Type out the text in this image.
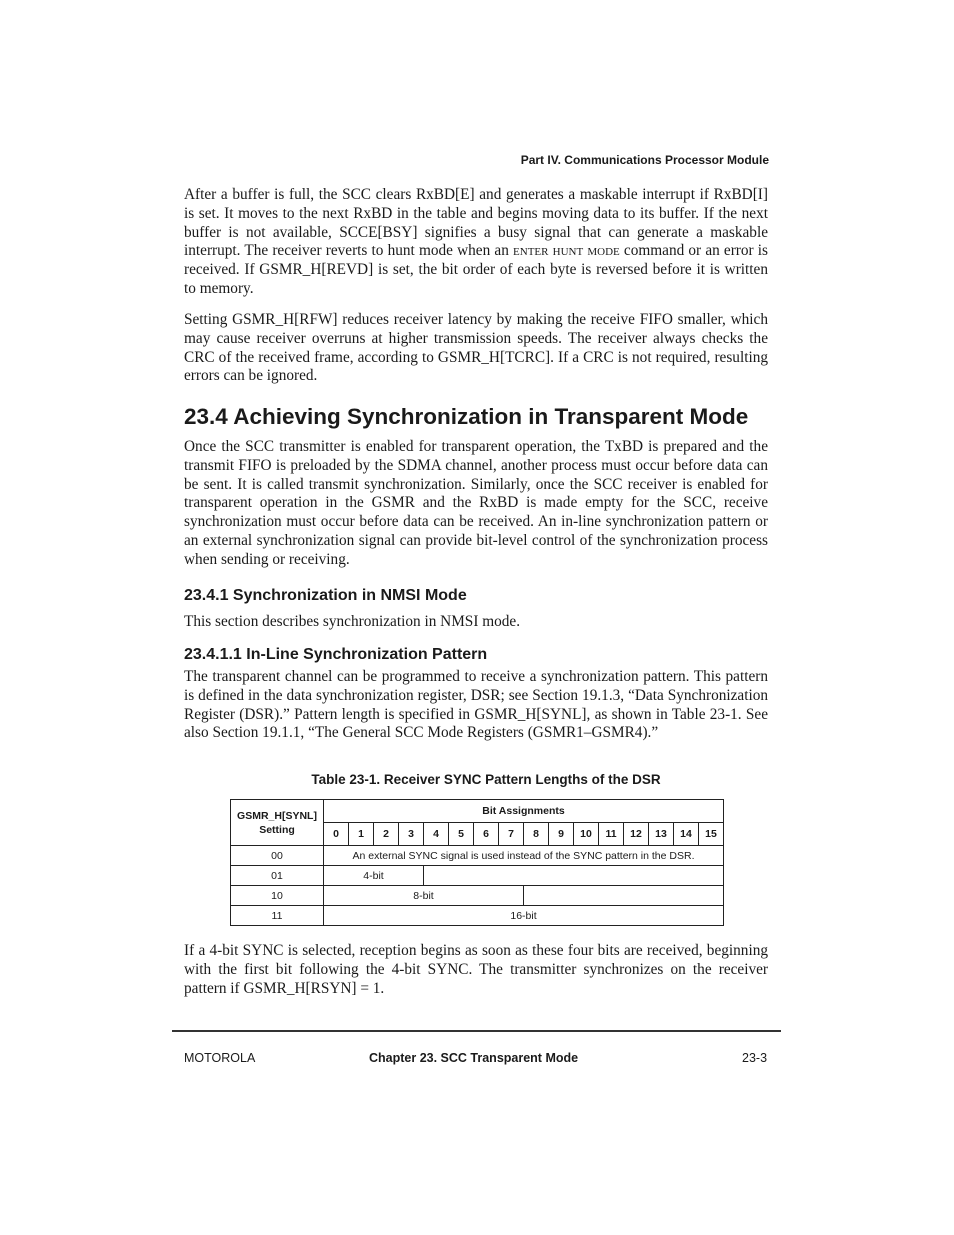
Part IV. Communications Processor Module

After a buffer is full, the SCC clears RxBD[E] and generates a maskable interrupt if RxBD[I] is set. It moves to the next RxBD in the table and begins moving data to its buffer. If the next buffer is not available, SCCE[BSY] signifies a busy signal that can generate a maskable interrupt. The receiver reverts to hunt mode when an enter hunt mode command or an error is received. If GSMR_H[REVD] is set, the bit order of each byte is reversed before it is written to memory.

Setting GSMR_H[RFW] reduces receiver latency by making the receive FIFO smaller, which may cause receiver overruns at higher transmission speeds. The receiver always checks the CRC of the received frame, according to GSMR_H[TCRC]. If a CRC is not required, resulting errors can be ignored.

23.4 Achieving Synchronization in Transparent Mode

Once the SCC transmitter is enabled for transparent operation, the TxBD is prepared and the transmit FIFO is preloaded by the SDMA channel, another process must occur before data can be sent. It is called transmit synchronization. Similarly, once the SCC receiver is enabled for transparent operation in the GSMR and the RxBD is made empty for the SCC, receive synchronization must occur before data can be received. An in-line synchronization pattern or an external synchronization signal can provide bit-level control of the synchronization process when sending or receiving.

23.4.1 Synchronization in NMSI Mode

This section describes synchronization in NMSI mode.

23.4.1.1 In-Line Synchronization Pattern

The transparent channel can be programmed to receive a synchronization pattern. This pattern is defined in the data synchronization register, DSR; see Section 19.1.3, “Data Synchronization Register (DSR).” Pattern length is specified in GSMR_H[SYNL], as shown in Table 23-1. See also Section 19.1.1, “The General SCC Mode Registers (GSMR1–GSMR4).”

Table 23-1. Receiver SYNC Pattern Lengths of the DSR
GSMR_H[SYNL] Setting	Bit Assignments															
	0	1	2	3	4	5	6	7	8	9	10	11	12	13	14	15
00	An external SYNC signal is used instead of the SYNC pattern in the DSR.															
01	4-bit															
10	8-bit															
11	16-bit															

If a 4-bit SYNC is selected, reception begins as soon as these four bits are received, beginning with the first bit following the 4-bit SYNC. The transmitter synchronizes on the receiver pattern if GSMR_H[RSYN] = 1.

MOTOROLA	Chapter 23. SCC Transparent Mode	23-3
